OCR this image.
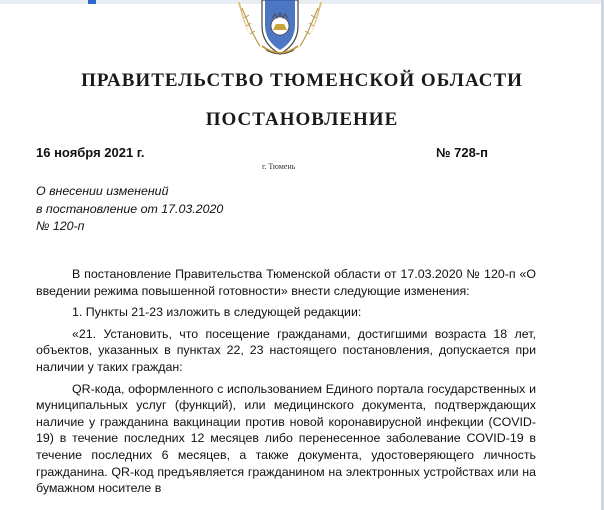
ПРАВИТЕЛЬСТВО ТЮМЕНСКОЙ ОБЛАСТИ
ПОСТАНОВЛЕНИЕ
16 ноября 2021 г.
г. Тюмень
№ 728-п
О внесении изменений
в постановление от 17.03.2020
№ 120-п

В постановление Правительства Тюменской области от 17.03.2020 № 120-п «О введении режима повышенной готовности» внести следующие изменения:

1. Пункты 21-23 изложить в следующей редакции:

«21. Установить, что посещение гражданами, достигшими возраста 18 лет, объектов, указанных в пунктах 22, 23 настоящего постановления, допускается при наличии у таких граждан:

QR-кода, оформленного с использованием Единого портала государственных и муниципальных услуг (функций), или медицинского документа, подтверждающих наличие у гражданина вакцинации против новой коронавирусной инфекции (COVID-19) в течение последних 12 месяцев либо перенесенное заболевание COVID-19 в течение последних 6 месяцев, а также документа, удостоверяющего личность гражданина. QR-код предъявляется гражданином на электронных устройствах или на бумажном носителе в
